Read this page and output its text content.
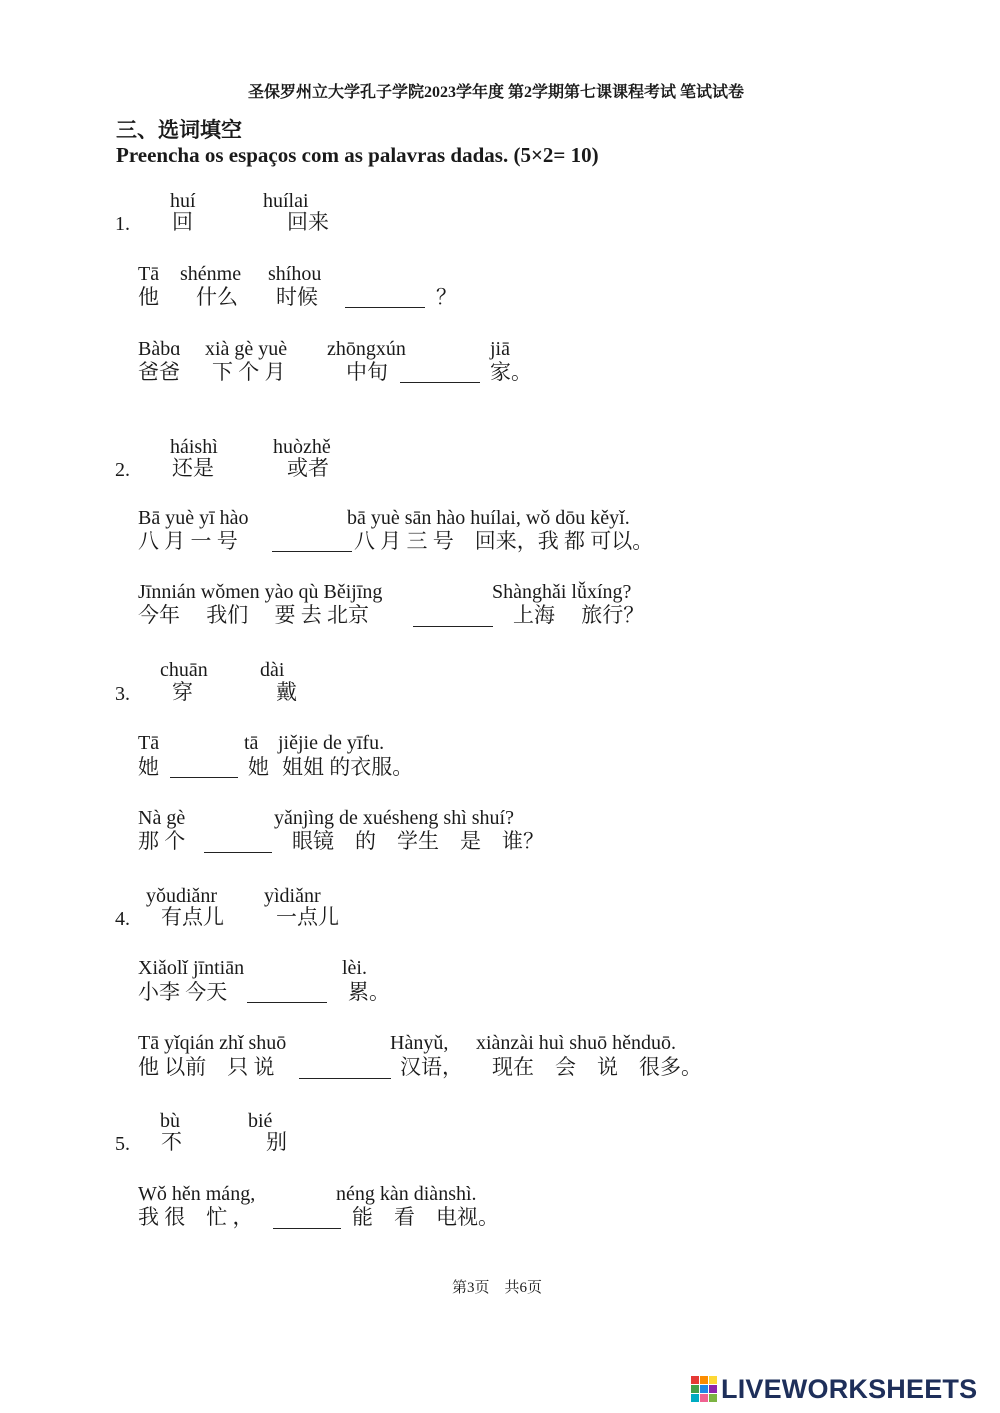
圣保罗州立大学孔子学院2023学年度 第2学期第七课课程考试 笔试试卷
三、选词填空
Preencha os espaços com as palavras dadas. (5×2= 10)
huí	huílai
1. 回	回来
Tā shénme shíhou
他 什么 时候	？
Bàbɑ xià gè yuè zhōngxún	jiā
爸爸 下 个 月	中旬	家。
háishì	huòzhě
2. 还是	或者
Bā yuè yī hào	bā yuè sān hào huílai, wǒ dōu kěyǐ.
八 月 一 号	八 月 三 号　回来，我 都 可以。
Jīnnián wǒmen yào qù Běijīng	Shànghǎi lǚxíng?
今年　 我们　 要 去 北京	上海　 旅行？
chuān	dài
3. 穿	戴
Tā	tā jiějie de yīfu.
她	她 姐姐 的衣服。
Nà gè	yǎnjìng de xuésheng shì shuí?
那 个	眼镜　的　学生　是　谁？
yǒudiǎnr yìdiǎnr
4. 有点儿 一点儿
Xiǎolǐ jīntiān	lèi.
小李 今天	累。
Tā yǐqián zhǐ shuō	Hànyǔ, xiànzài huì shuō hěnduō.
他 以前　只 说	汉语， 现在　会　说　很多。
bù	bié
5. 不	别
Wǒ hěn máng,	néng kàn diànshì.
我 很　忙 ，	能　看　电视。
第3页　共6页
LIVEWORKSHEETS
